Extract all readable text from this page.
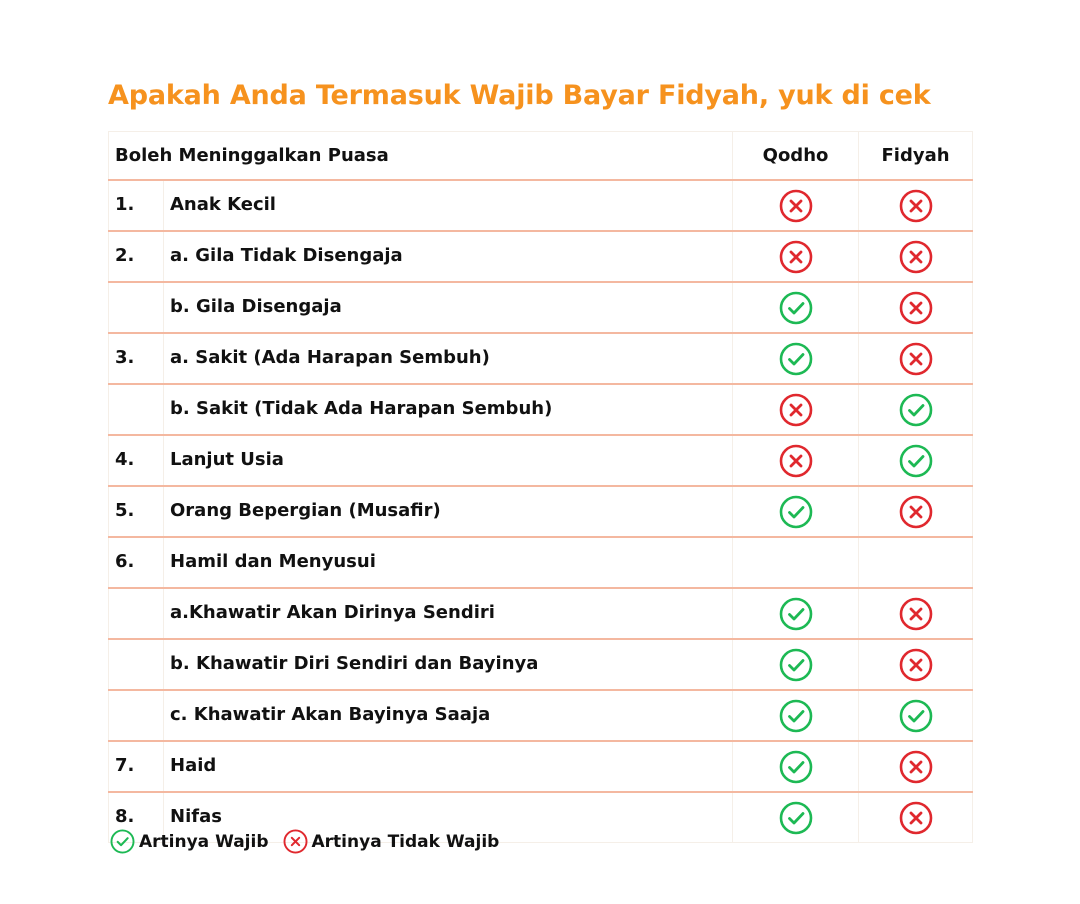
Apakah Anda Termasuk Wajib Bayar Fidyah, yuk di cek
Boleh Meninggalkan Puasa		Qodho	Fidyah
1.	Anak Kecil	

2.	a. Gila Tidak Disengaja	

	b. Gila Disengaja	

3.	a. Sakit (Ada Harapan Sembuh)	

	b. Sakit (Tidak Ada Harapan Sembuh)	

4.	Lanjut Usia	

5.	Orang Bepergian (Musafir)	

6.	Hamil dan Menyusui		
	a.Khawatir Akan Dirinya Sendiri	

	b. Khawatir Diri Sendiri dan Bayinya	

	c. Khawatir Akan Bayinya Saaja	

7.	Haid	

8.	Nifas	

Artinya Wajib	Artinya Tidak Wajib
